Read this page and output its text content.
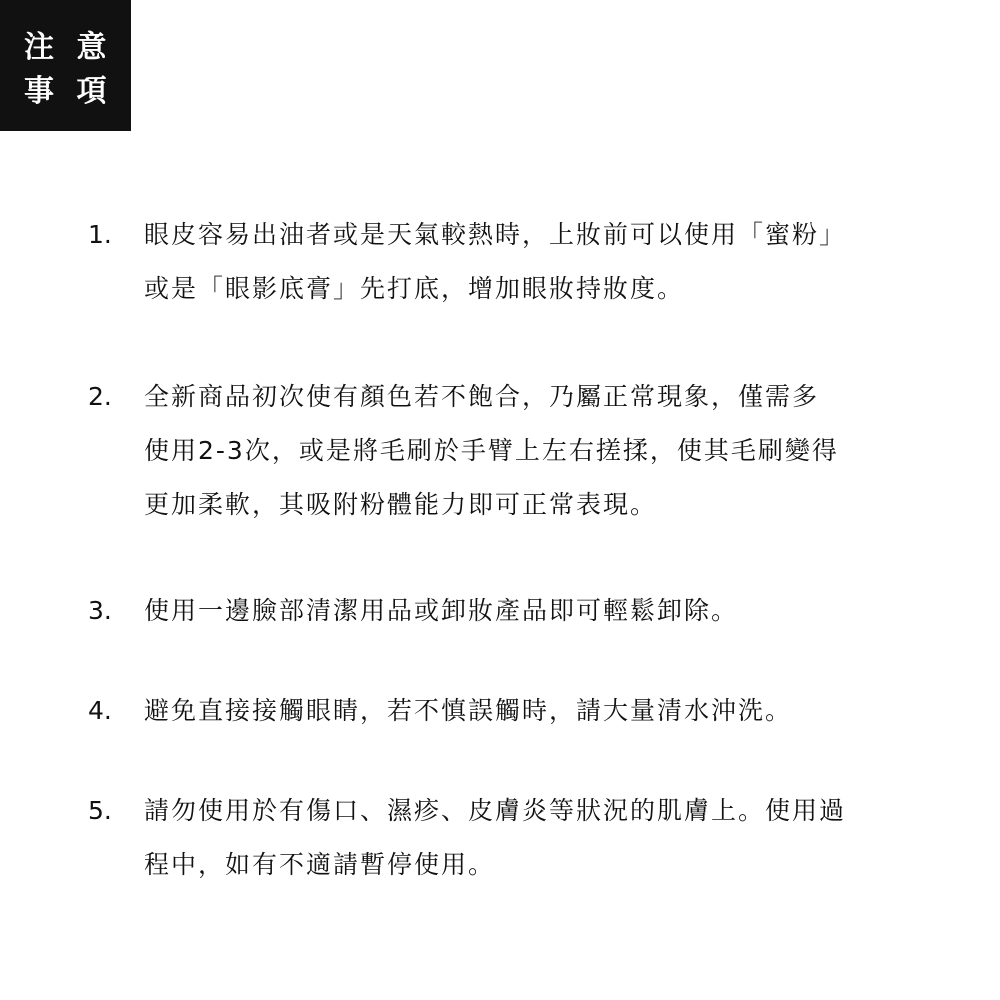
注 意
事 項
1. 眼皮容易出油者或是天氣較熱時，上妝前可以使用「蜜粉」
或是「眼影底膏」先打底，增加眼妝持妝度。
2. 全新商品初次使有顏色若不飽合，乃屬正常現象，僅需多
使用2-3次，或是將毛刷於手臂上左右搓揉，使其毛刷變得
更加柔軟，其吸附粉體能力即可正常表現。
3. 使用一邊臉部清潔用品或卸妝產品即可輕鬆卸除。
4. 避免直接接觸眼睛，若不慎誤觸時，請大量清水沖洗。
5. 請勿使用於有傷口、濕疹、皮膚炎等狀況的肌膚上。使用過
程中，如有不適請暫停使用。
